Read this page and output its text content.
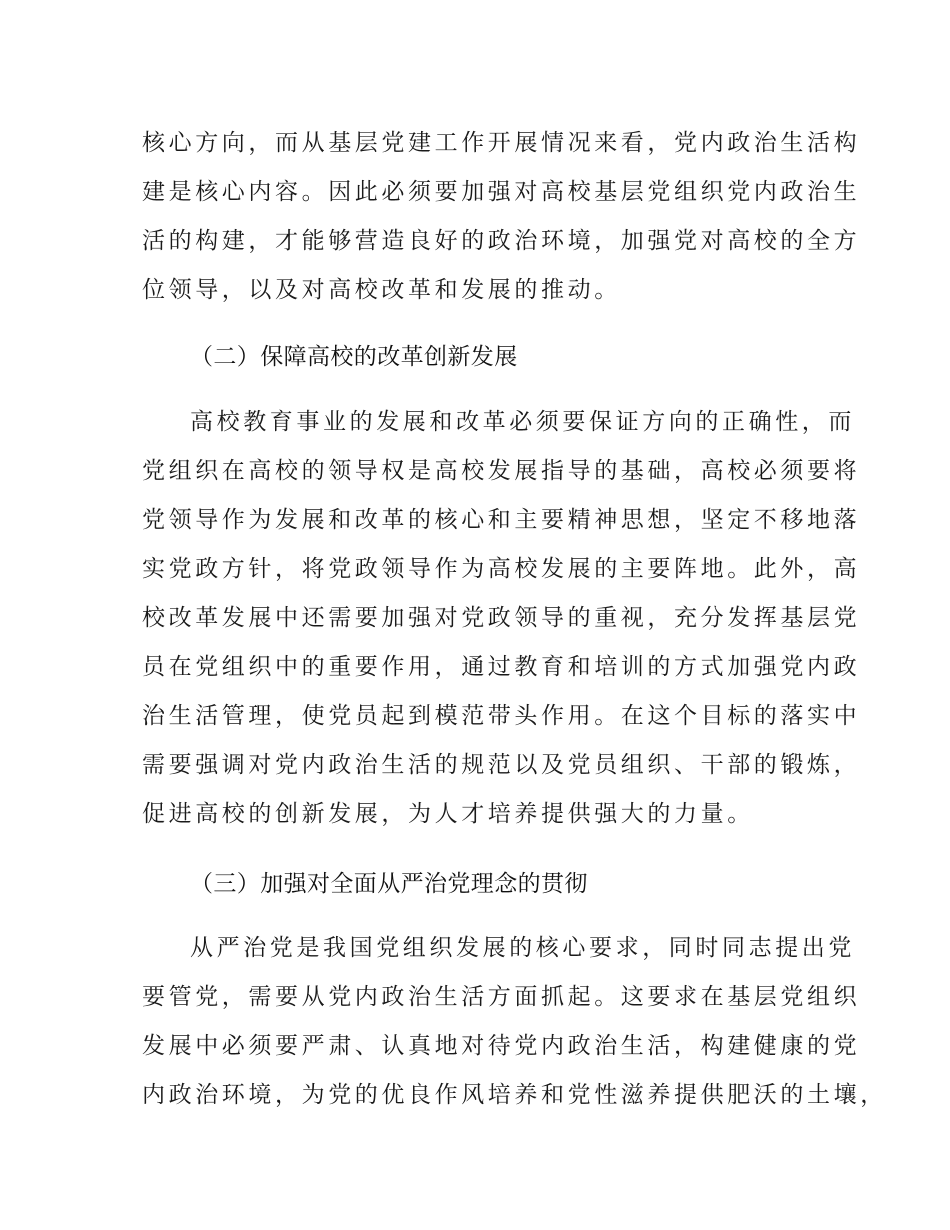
核心方向，而从基层党建工作开展情况来看，党内政治生活构
建是核心内容。因此必须要加强对高校基层党组织党内政治生
活的构建，才能够营造良好的政治环境，加强党对高校的全方
位领导，以及对高校改革和发展的推动。
（二）保障高校的改革创新发展
高校教育事业的发展和改革必须要保证方向的正确性，而
党组织在高校的领导权是高校发展指导的基础，高校必须要将
党领导作为发展和改革的核心和主要精神思想，坚定不移地落
实党政方针，将党政领导作为高校发展的主要阵地。此外，高
校改革发展中还需要加强对党政领导的重视，充分发挥基层党
员在党组织中的重要作用，通过教育和培训的方式加强党内政
治生活管理，使党员起到模范带头作用。在这个目标的落实中
需要强调对党内政治生活的规范以及党员组织、干部的锻炼，
促进高校的创新发展，为人才培养提供强大的力量。
（三）加强对全面从严治党理念的贯彻
从严治党是我国党组织发展的核心要求，同时同志提出党
要管党，需要从党内政治生活方面抓起。这要求在基层党组织
发展中必须要严肃、认真地对待党内政治生活，构建健康的党
内政治环境，为党的优良作风培养和党性滋养提供肥沃的土壤，
